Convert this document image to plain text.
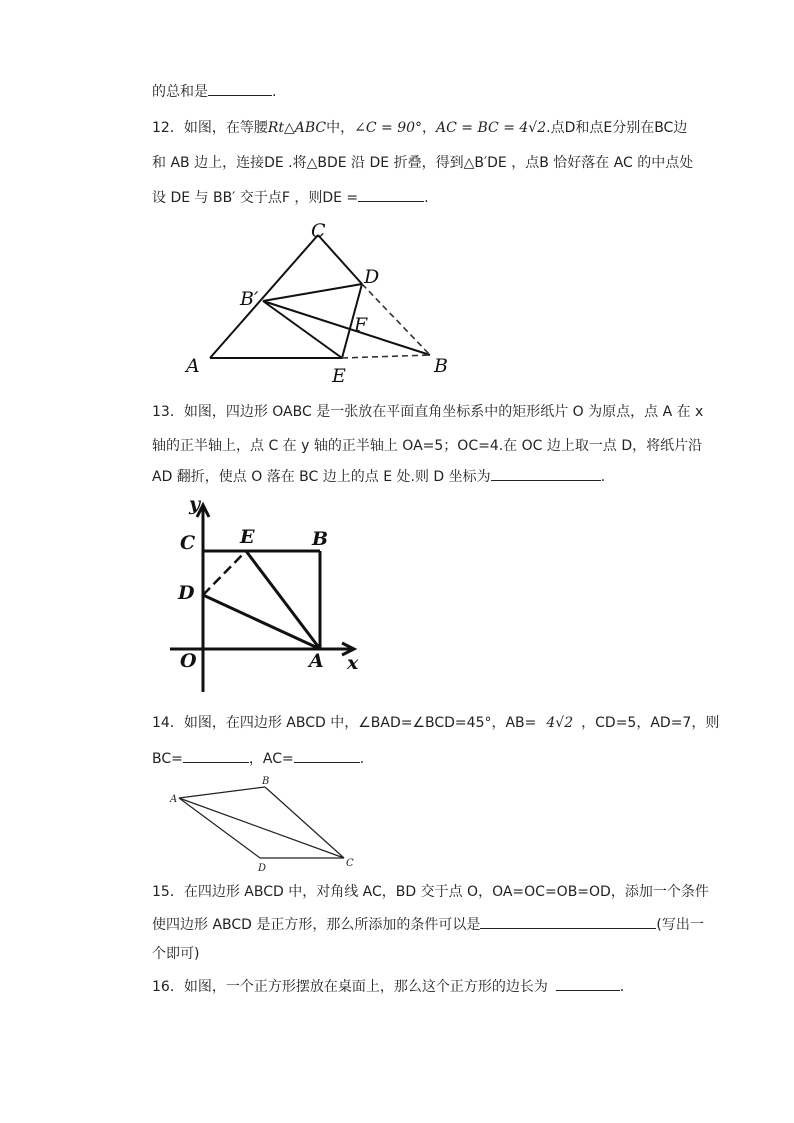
的总和是	.
12．如图，在等腰Rt△ABC中，∠C = 90°，AC = BC = 4√2.点D和点E分别在BC边
和 AB 边上，连接DE .将△BDE 沿 DE 折叠，得到△B′DE ，点B 恰好落在 AC 的中点处
设 DE 与 BB′ 交于点F ，则DE =	.
C
B′
D
F
A	E	B
13．如图，四边形 OABC 是一张放在平面直角坐标系中的矩形纸片 O 为原点，点 A 在 x
轴的正半轴上，点 C 在 y 轴的正半轴上 OA=5；OC=4.在 OC 边上取一点 D，将纸片沿
AD 翻折，使点 O 落在 BC 边上的点 E 处.则 D 坐标为	.
y
x
C E	B
D
O	A
14．如图，在四边形 ABCD 中，∠BAD=∠BCD=45°，AB= 4√2 ，CD=5，AD=7，则
BC=	，AC=	.
A
B
C
D
15．在四边形 ABCD 中，对角线 AC，BD 交于点 O，OA=OC=OB=OD，添加一个条件
使四边形 ABCD 是正方形，那么所添加的条件可以是	(写出一
个即可)
16．如图，一个正方形摆放在桌面上，那么这个正方形的边长为	．
